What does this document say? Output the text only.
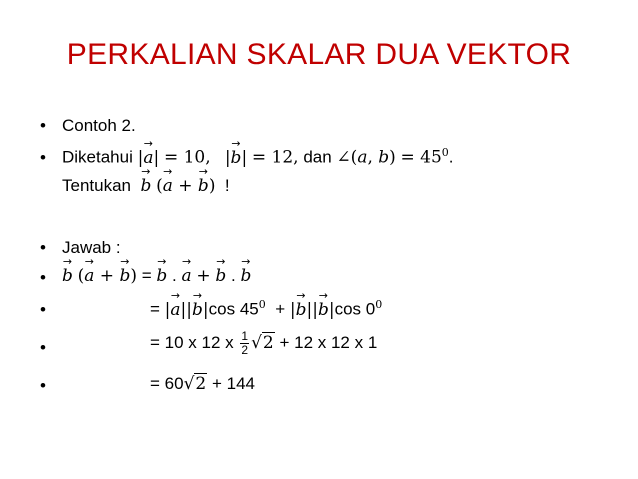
PERKALIAN SKALAR DUA VEKTOR
• Contoh 2.
• Diketahui |→ a| = 10, |→ b| = 12, dan ∠(𝑎, 𝑏) = $45^0$.
Tentukan → b (→ a + → b) !
• Jawab :
• → b (→ a + → b) = → b . → a + → b . → b
•	= |→ a||→ b|cos $45^0$ + |→ b||→ b|cos $0^0$
•	= 10 x 12 x $\frac{1}{2} √2 + 12$ x 12 x 1
•	= 60√2 + 144
